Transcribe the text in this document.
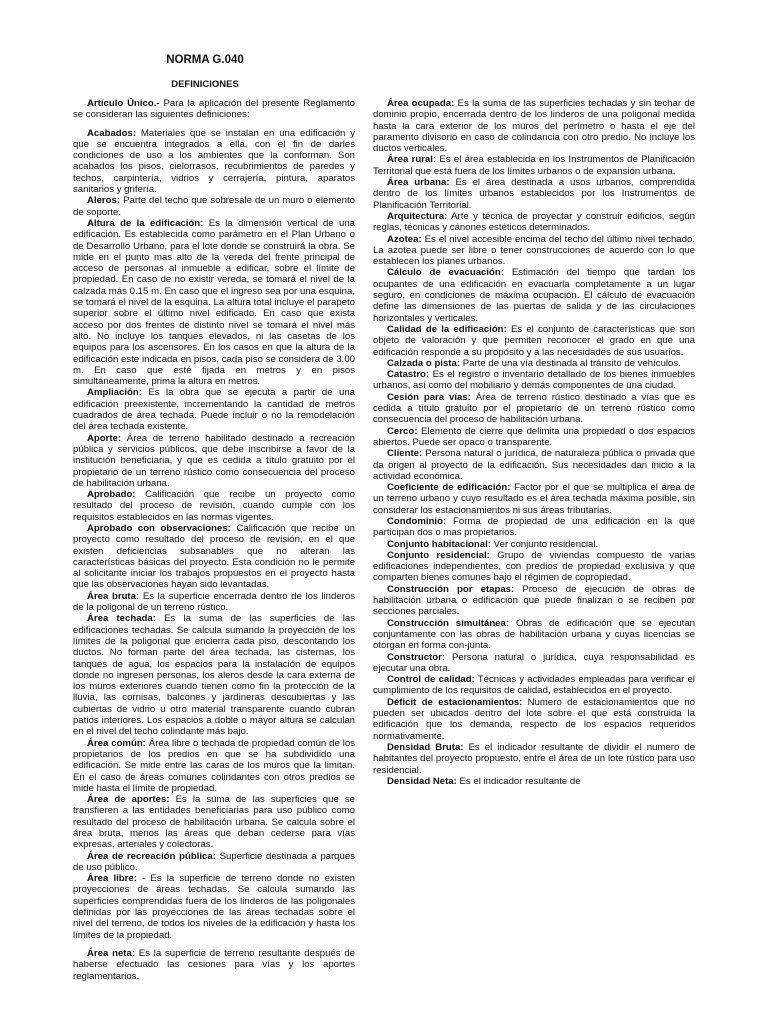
NORMA G.040
DEFINICIONES

Artículo Único.- Para la aplicación del presente Reglamento se consideran las siguientes definiciones:

Acabados: Materiales que se instalan en una edificación y que se encuentra integrados a ella, con el fin de darles condiciones de uso a los ambientes que la conforman. Son acabados los pisos, cielorrasos, recubrimientos de paredes y techos, carpintería, vidrios y cerrajería, pintura, aparatos sanitarios y grifería.

Aleros: Parte del techo que sobresale de un muro o elemento de soporte.

Altura de la edificación: Es la dimensión vertical de una edificación. Es establecida como parámetro en el Plan Urbano o de Desarrollo Urbano, para el lote donde se construirá la obra. Se mide en el punto mas alto de la vereda del frente principal de acceso de personas al inmueble a edificar, sobre el límite de propiedad. En caso de no existir vereda, se tomará el nivel de la calzada más 0.15 m. En caso que el ingreso sea por una esquina, se tomará el nivel de la esquina. La altura total incluye el parapeto superior sobre el último nivel edificado. En caso que exista acceso por dos frentes de distinto nivel se tomará el nivel más alto. No incluye los tanques elevados, ni las casetas de los equipos para los ascensores. En los casos en que la altura de la edificación este indicada en pisos, cada piso se considera de 3.00 m. En caso que esté fijada en metros y en pisos simultáneamente, prima la altura en metros.

Ampliación: Es la obra que se ejecuta a partir de una edificación preexistente, incrementando la cantidad de metros cuadrados de área techada. Puede incluir o no la remodelación del área techada existente.

Aporte: Área de terreno habilitado destinado a recreación pública y servicios públicos, que debe inscribirse a favor de la institución beneficiaria, y que es cedida a título gratuito por el propietario de un terreno rústico como consecuencia del proceso de habilitación urbana.

Aprobado: Calificación que recibe un proyecto como resultado del proceso de revisión, cuando cumple con los requisitos establecidos en las normas vigentes.

Aprobado con observaciones: Calificación que recibe un proyecto como resultado del proceso de revisión, en el que existen deficiencias subsanables que no alteran las características básicas del proyecto. Esta condición no le permite al solicitante iniciar los trabajos propuestos en el proyecto hasta que las observaciones hayan sido levantadas.

Área bruta: Es la superficie encerrada dentro de los linderos de la poligonal de un terreno rústico.

Área techada: Es la suma de las superficies de las edificaciones techadas. Se calcula sumando la proyección de los límites de la poligonal que encierra cada piso, descontando los ductos. No forman parte del área techada, las cisternas, los tanques de agua, los espacios para la instalación de equipos donde no ingresen personas, los aleros desde la cara externa de los muros exteriores cuando tienen como fin la protección de la lluvia, las cornisas, balcones y jardineras descubiertas y las cubiertas de vidrio u otro material transparente cuando cubran patios interiores. Los espacios a doble o mayor altura se calculan en el nivel del techo colindante más bajo.

Área común: Área libre o techada de propiedad común de los propietarios de los predios en que se ha subdividido una edificación. Se mide entre las caras de los muros que la limitan. En el caso de áreas comunes colindantes con otros predios se mide hasta el límite de propiedad.

Área de aportes: Es la suma de las superficies que se transfieren a las entidades beneficiarias para uso público como resultado del proceso de habilitación urbana. Se calcula sobre el área bruta, menos las áreas que deban cederse para vías expresas, arteriales y colectoras.

Área de recreación pública: Superficie destinada a parques de uso público.

Área libre: - Es la superficie de terreno donde no existen proyecciones de áreas techadas. Se calcula sumando las superficies comprendidas fuera de los linderos de las poligonales definidas por las proyecciones de las áreas techadas sobre el nivel del terreno, de todos los niveles de la edificación y hasta los límites de la propiedad.

Área neta: Es la superficie de terreno resultante después de haberse efectuado las cesiones para vías y los aportes reglamentarios.

Área ocupada: Es la suma de las superficies techadas y sin techar de dominio propio, encerrada dentro de los linderos de una poligonal medida hasta la cara exterior de los muros del perímetro o hasta el eje del paramento divisorio en caso de colindancia con otro predio. No incluye los ductos verticales.

Área rural: Es el área establecida en los Instrumentos de Planificación Territorial que está fuera de los límites urbanos o de expansión urbana.

Área urbana: Es el área destinada a usos urbanos, comprendida dentro de los límites urbanos establecidos por los Instrumentos de Planificación Territorial.

Arquitectura: Arte y técnica de proyectar y construir edificios, según reglas, técnicas y cánones estéticos determinados.

Azotea: Es el nivel accesible encima del techo del último nivel techado. La azotea puede ser libre o tener construcciones de acuerdo con lo que establecen los planes urbanos.

Cálculo de evacuación: Estimación del tiempo que tardan los ocupantes de una edificación en evacuarla completamente a un lugar seguro, en condiciones de máxima ocupación. El cálculo de evacuación define las dimensiones de las puertas de salida y de las circulaciones horizontales y verticales.

Calidad de la edificación: Es el conjunto de características que son objeto de valoración y que permiten reconocer el grado en que una edificación responde a su propósito y a las necesidades de sus usuarios.

Calzada o pista: Parte de una vía destinada al tránsito de vehículos.

Catastro: Es el registro o inventario detallado de los bienes inmuebles urbanos, así como del mobiliario y demás componentes de una ciudad.

Cesión para vías: Área de terreno rústico destinado a vías que es cedida a título gratuito por el propietario de un terreno rústico como consecuencia del proceso de habilitación urbana.

Cerco: Elemento de cierre que delimita una propiedad o dos espacios abiertos. Puede ser opaco o transparente.

Cliente: Persona natural o jurídica, de naturaleza pública o privada que da origen al proyecto de la edificación. Sus necesidades dan inicio a la actividad económica.

Coeficiente de edificación: Factor por el que se multiplica el área de un terreno urbano y cuyo resultado es el área techada máxima posible, sin considerar los estacionamientos ni sus áreas tributarias.

Condominio: Forma de propiedad de una edificación en la que participan dos o mas propietarios.

Conjunto habitacional: Ver conjunto residencial.

Conjunto residencial: Grupo de viviendas compuesto de varias edificaciones independientes, con predios de propiedad exclusiva y que comparten bienes comunes bajo el régimen de copropiedad.

Construcción por etapas: Proceso de ejecución de obras de habilitación urbana o edificación que puede finalizan o se reciben por secciones parciales.

Construcción simultánea: Obras de edificación que se ejecutan conjuntamente con las obras de habilitación urbana y cuyas licencias se otorgan en forma con-junta.

Constructor: Persona natural o jurídica, cuya responsabilidad es ejecutar una obra.

Control de calidad: Técnicas y actividades empleadas para verificar el cumplimiento de los requisitos de calidad, establecidos en el proyecto.

Déficit de estacionamientos: Numero de estacionamientos que no pueden ser ubicados dentro del lote sobre el que está construida la edificación que los demanda, respecto de los espacios requeridos normativamente.

Densidad Bruta: Es el indicador resultante de dividir el numero de habitantes del proyecto propuesto, entre el área de un lote rústico para uso residencial.

Densidad Neta: Es el indicador resultante de
